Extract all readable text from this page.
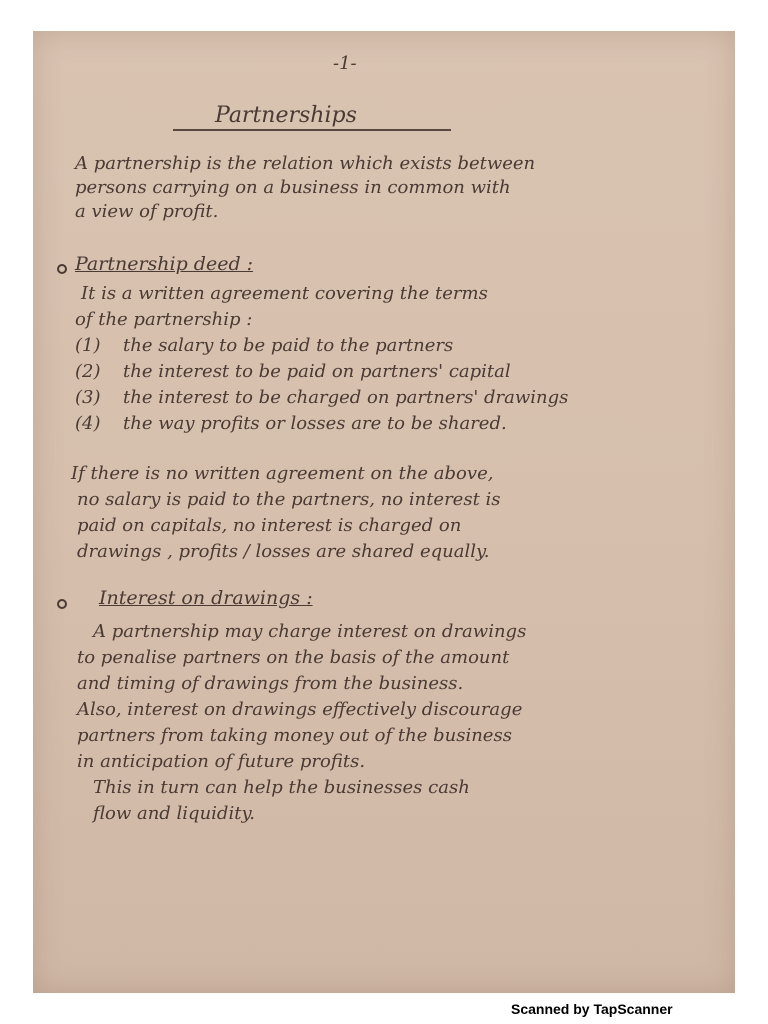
-1-
Partnerships
A partnership is the relation which exists between
persons carrying on a business in common with
a view of profit.
Partnership deed :
It is a written agreement covering the terms
of the partnership :
(1) the salary to be paid to the partners
(2) the interest to be paid on partners' capital
(3) the interest to be charged on partners' drawings
(4) the way profits or losses are to be shared.
If there is no written agreement on the above,
no salary is paid to the partners, no interest is
paid on capitals, no interest is charged on
drawings , profits / losses are shared equally.
Interest on drawings :
A partnership may charge interest on drawings
to penalise partners on the basis of the amount
and timing of drawings from the business.
Also, interest on drawings effectively discourage
partners from taking money out of the business
in anticipation of future profits.
This in turn can help the businesses cash
flow and liquidity.
Scanned by TapScanner
